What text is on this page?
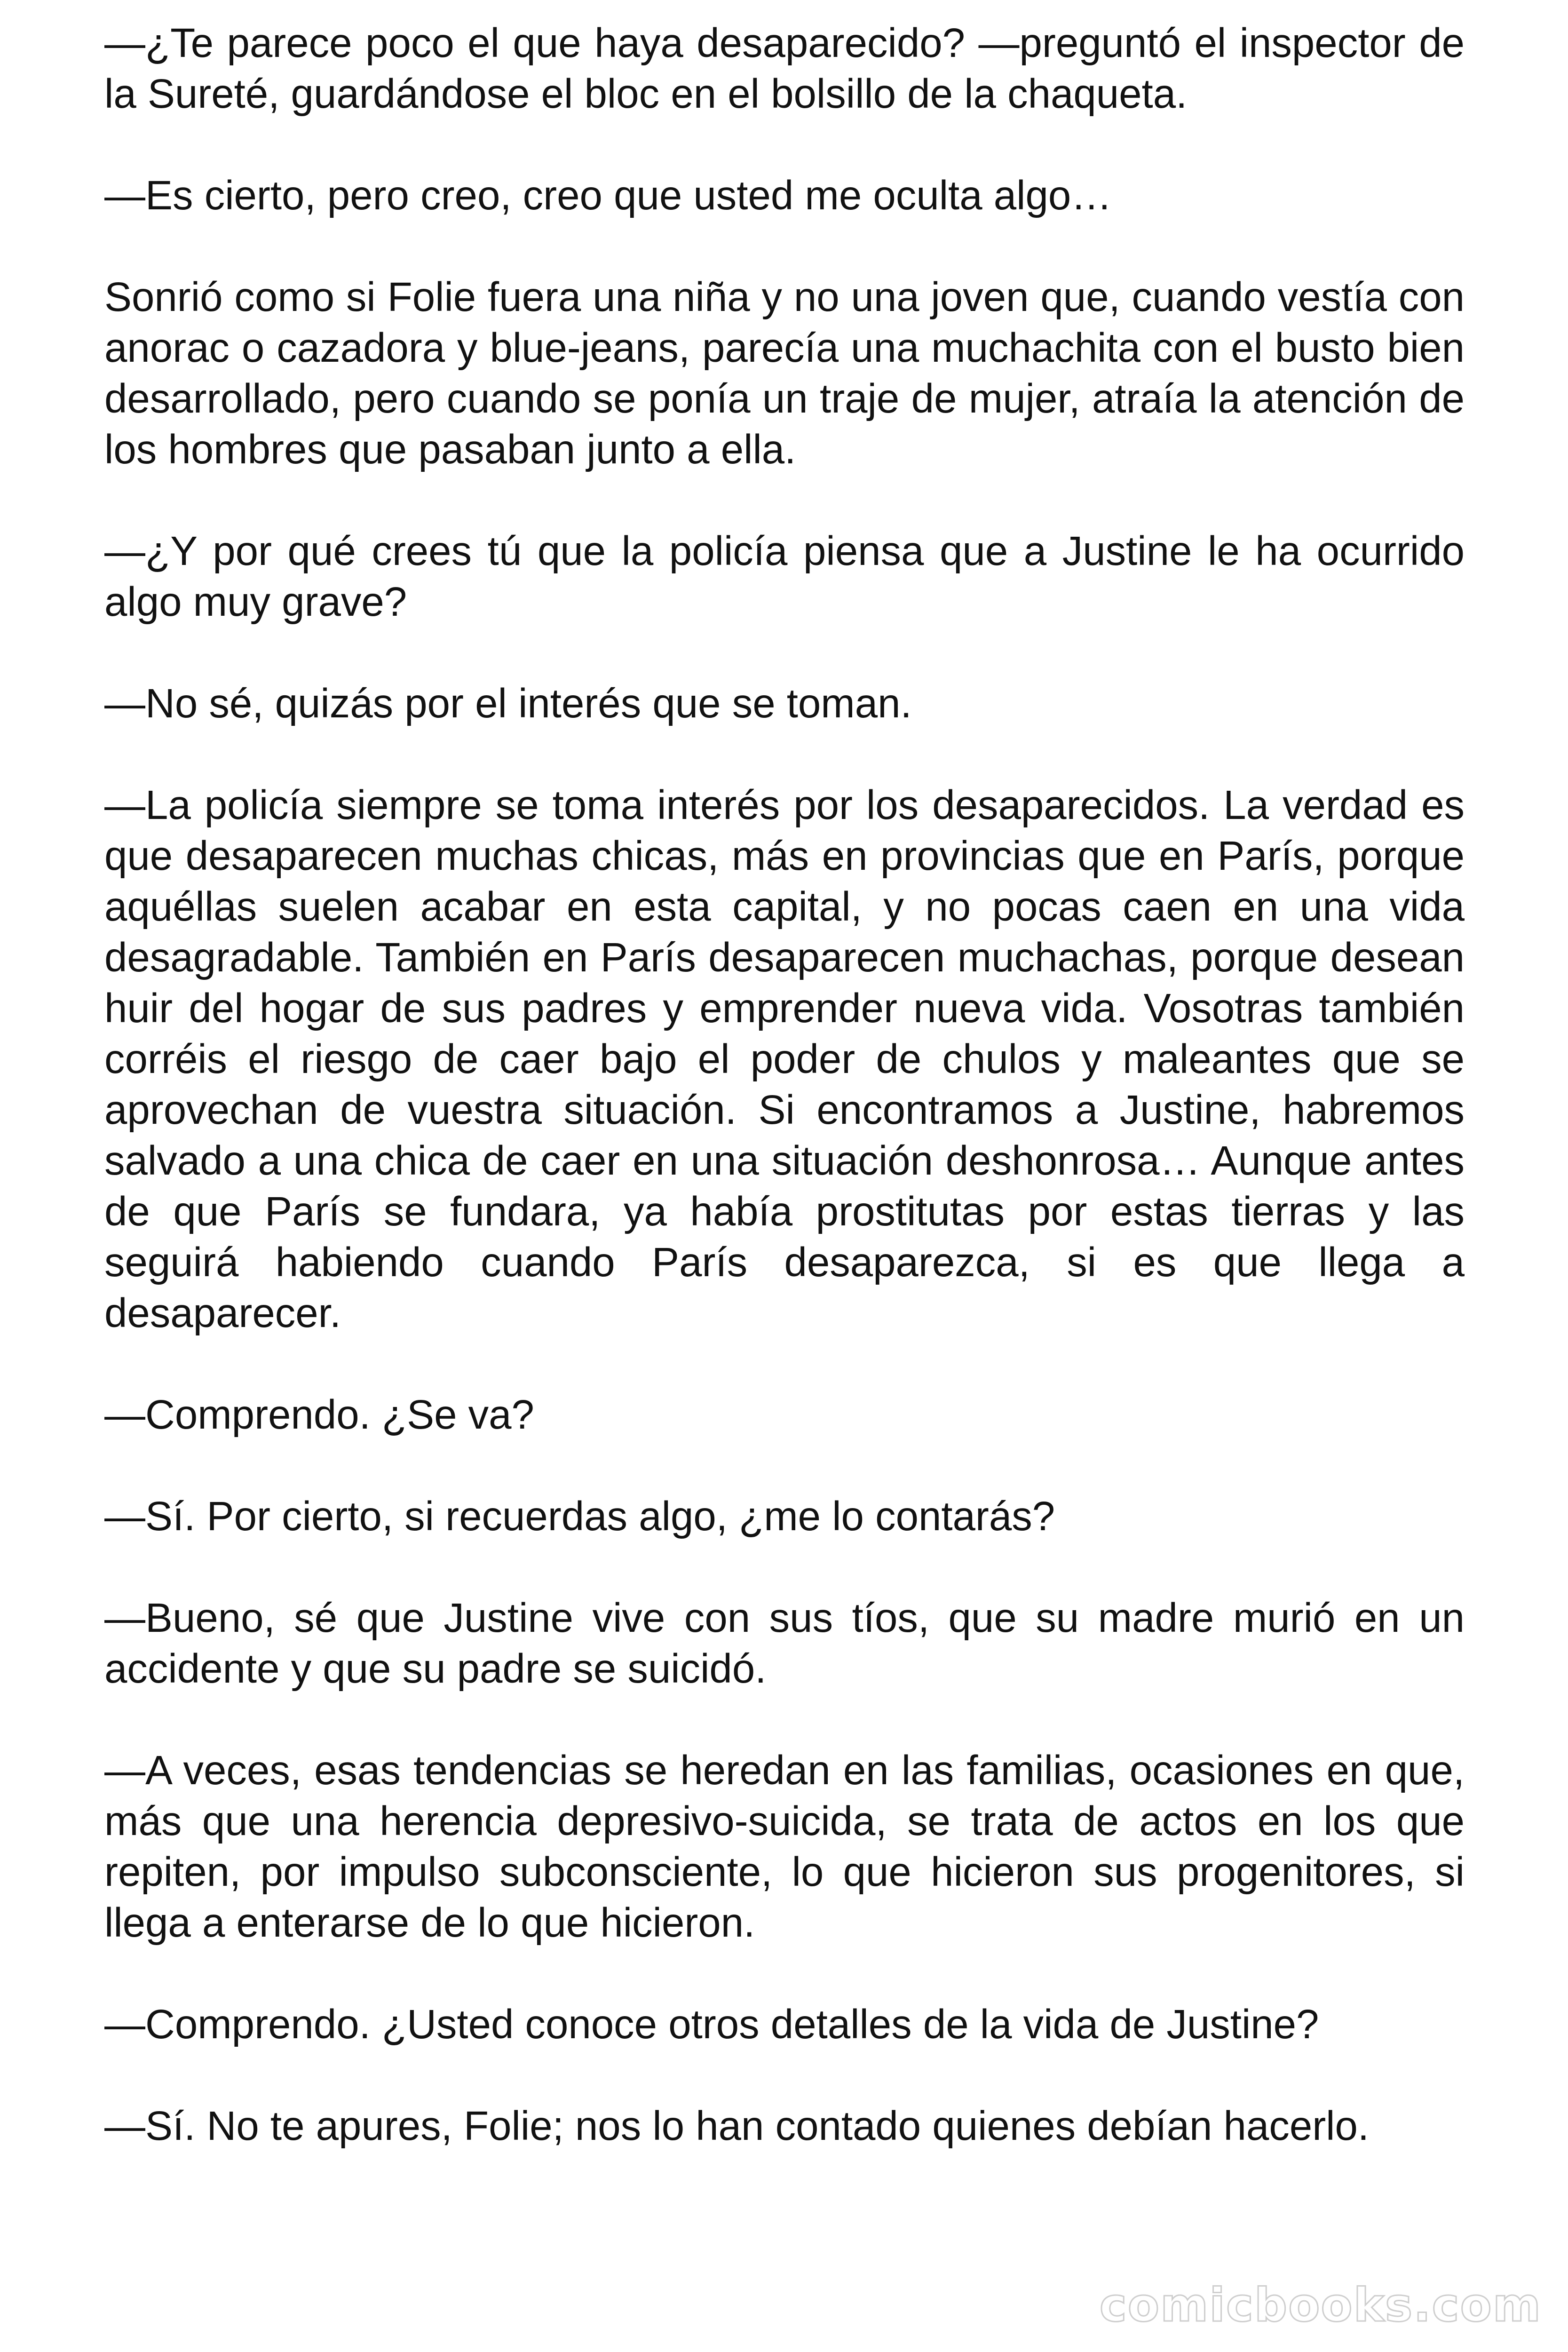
—¿Te parece poco el que haya desaparecido? —preguntó el inspector de la Sureté, guardándose el bloc en el bolsillo de la chaqueta.

—Es cierto, pero creo, creo que usted me oculta algo…

Sonrió como si Folie fuera una niña y no una joven que, cuando vestía con anorac o cazadora y blue-jeans, parecía una muchachita con el busto bien desarrollado, pero cuando se ponía un traje de mujer, atraía la atención de los hombres que pasaban junto a ella.

—¿Y por qué crees tú que la policía piensa que a Justine le ha ocurrido algo muy grave?

—No sé, quizás por el interés que se toman.

—La policía siempre se toma interés por los desaparecidos. La verdad es que desaparecen muchas chicas, más en provincias que en París, porque aquéllas suelen acabar en esta capital, y no pocas caen en una vida desagradable. También en París desaparecen muchachas, porque desean huir del hogar de sus padres y emprender nueva vida. Vosotras también corréis el riesgo de caer bajo el poder de chulos y maleantes que se aprovechan de vuestra situación. Si encontramos a Justine, habremos salvado a una chica de caer en una situación deshonrosa… Aunque antes de que París se fundara, ya había prostitutas por estas tierras y las seguirá habiendo cuando París desaparezca, si es que llega a desaparecer.

—Comprendo. ¿Se va?

—Sí. Por cierto, si recuerdas algo, ¿me lo contarás?

—Bueno, sé que Justine vive con sus tíos, que su madre murió en un accidente y que su padre se suicidó.

—A veces, esas tendencias se heredan en las familias, ocasiones en que, más que una herencia depresivo-suicida, se trata de actos en los que repiten, por impulso subconsciente, lo que hicieron sus progenitores, si llega a enterarse de lo que hicieron.

—Comprendo. ¿Usted conoce otros detalles de la vida de Justine?

—Sí. No te apures, Folie; nos lo han contado quienes debían hacerlo.

comicbooks.com
